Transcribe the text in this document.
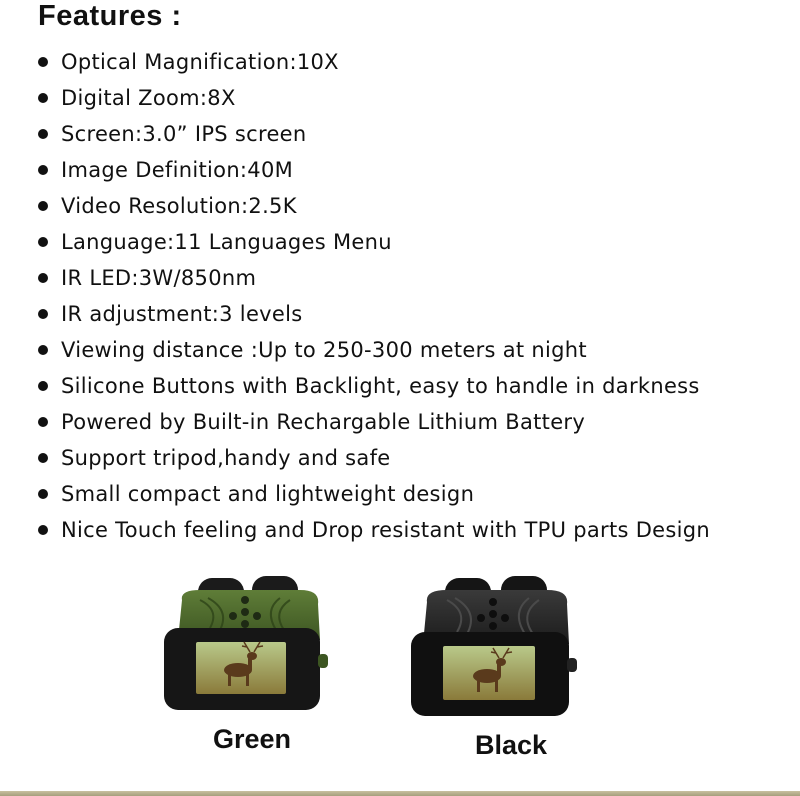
Features :
Optical Magnification:10X
Digital Zoom:8X
Screen:3.0” IPS screen
Image Definition:40M
Video Resolution:2.5K
Language:11 Languages Menu
IR LED:3W/850nm
IR adjustment:3 levels
Viewing distance :Up to 250-300 meters at night
Silicone Buttons with Backlight, easy to handle in darkness
Powered by Built-in Rechargable Lithium Battery
Support tripod,handy and safe
Small compact and lightweight design
Nice Touch feeling and Drop resistant with TPU parts Design
Green	Black
